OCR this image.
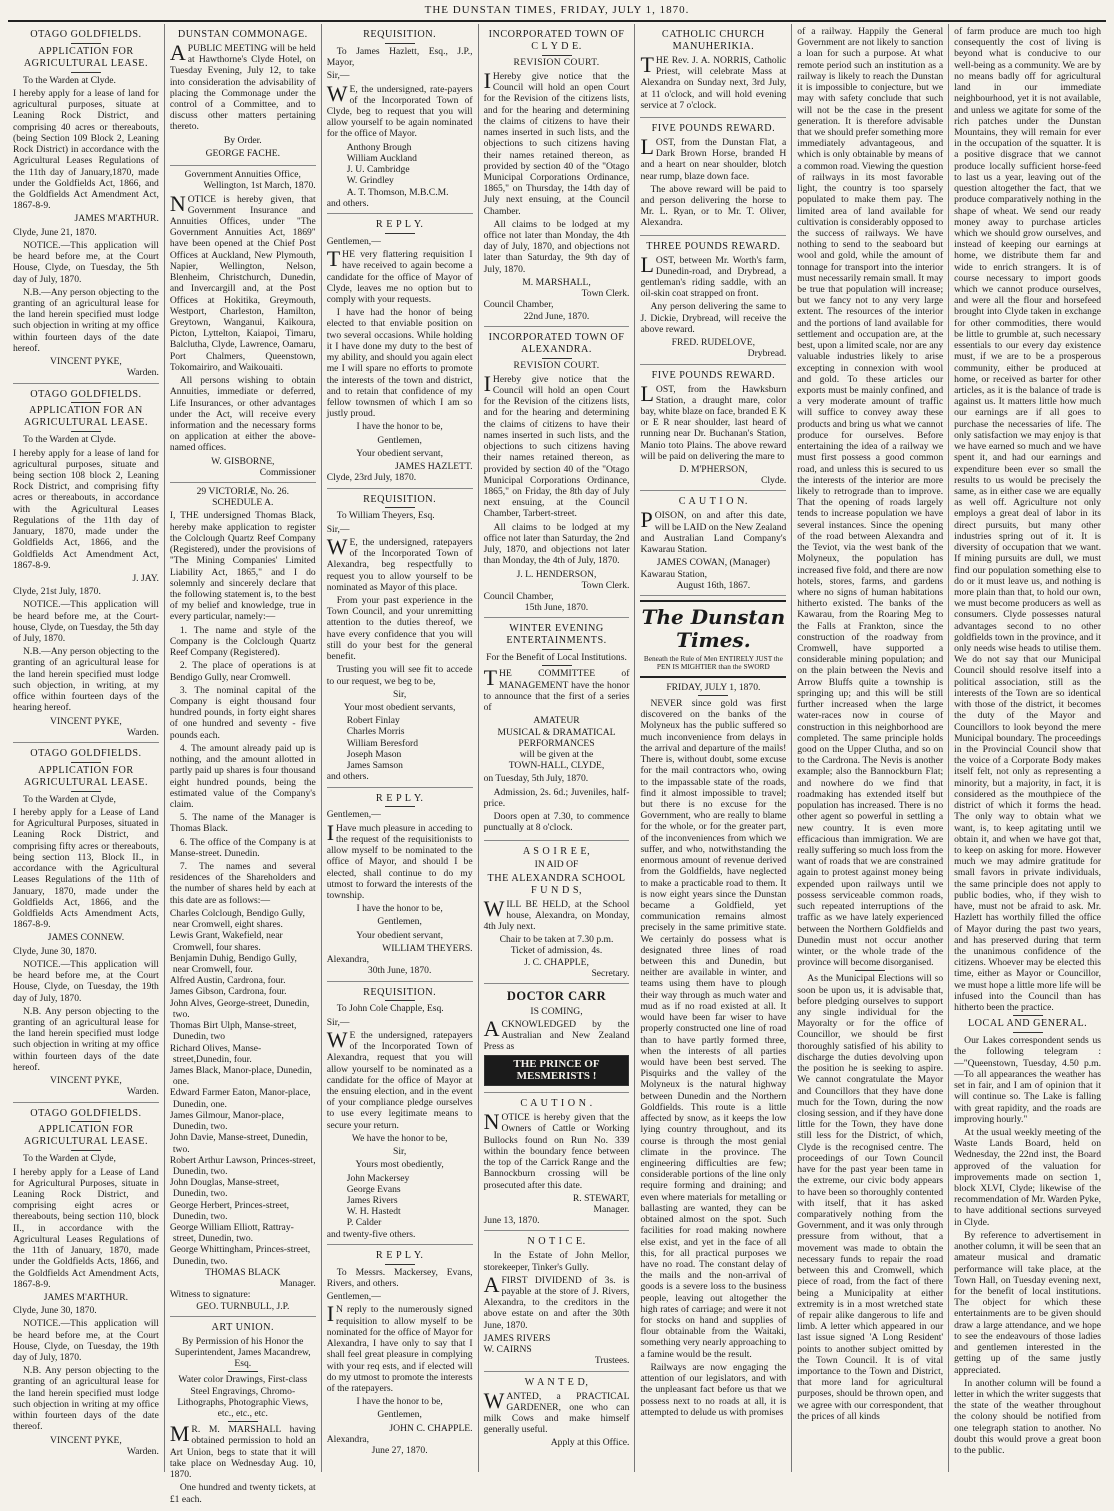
THE DUNSTAN TIMES, FRIDAY, JULY 1, 1870.
OTAGO GOLDFIELDS.
APPLICATION FOR AGRICULTURAL LEASE.

To the Warden at Clyde.

I hereby apply for a lease of land for agricultural purposes, situate at Leaning Rock District, and comprising 40 acres or thereabouts, (being Section 109 Block 2, Leaning Rock District) in accordance with the Agricultural Leases Regulations of the 11th day of January,1870, made under the Goldfields Act, 1866, and the Goldfields Act Amendment Act, 1867-8-9.

JAMES M'ARTHUR.

Clyde, June 21, 1870.

NOTICE.—This application will be heard before me, at the Court House, Clyde, on Tuesday, the 5th day of July, 1870.

N.B.—Any person objecting to the granting of an agricultural lease for the land herein specified must lodge such objection in writing at my office within fourteen days of the date hereof.

VINCENT PYKE,
Warden.
OTAGO GOLDFIELDS.
APPLICATION FOR AN AGRICULTURAL LEASE.

To the Warden at Clyde.

I hereby apply for a lease of land for agricultural purposes, situate and being section 108 block 2, Leaning Rock District, and comprising fifty acres or thereabouts, in accordance with the Agricultural Leases Regulations of the 11th day of January, 1870, made under the Goldfields Act, 1866, and the Goldfields Act Amendment Act, 1867-8-9.

J. JAY.

Clyde, 21st July, 1870.

NOTICE.—This application will be heard before me, at the Court-house, Clyde, on Tuesday, the 5th day of July, 1870.

N.B.—Any person objecting to the granting of an agricultural lease for the land herein specified must lodge such objection, in writing, at my office within fourteen days of the hearing hereof.

VINCENT PYKE,
Warden.
OTAGO GOLDFIELDS.
APPLICATION FOR AGRICULTURAL LEASE.

To the Warden at Clyde,

I hereby apply for a Lease of Land for Agricultural Purposes, situated in Leaning Rock District, and comprising fifty acres or thereabouts, being section 113, Block II., in accordance with the Agricultural Leases Regulations of the 11th of January, 1870, made under the Goldfields Act, 1866, and the Goldfields Acts Amendment Acts, 1867-8-9.

JAMES CONNEW.

Clyde, June 30, 1870.

NOTICE.—This application will be heard before me, at the Court House, Clyde, on Tuesday, the 19th day of July, 1870.

N.B. Any person objecting to the granting of an agricultural lease for the land herein specified must lodge such objection in writing at my office within fourteen days of the date hereof.

VINCENT PYKE,
Warden.
OTAGO GOLDFIELDS.
APPLICATION FOR AGRICULTURAL LEASE.

To the Warden at Clyde,

I hereby apply for a Lease of Land for Agricultural Purposes, situate in Leaning Rock District, and comprising eight acres or thereabouts, being section 110, block II., in accordance with the Agricultural Leases Regulations of the 11th of January, 1870, made under the Goldfields Acts, 1866, and the Goldfields Act Amendment Acts, 1867-8-9.

JAMES M'ARTHUR.

Clyde, June 30, 1870.

NOTICE.—This application will be heard before me, at the Court House, Clyde, on Tuesday, the 19th day of July, 1870.

N.B. Any person objecting to the granting of an agricultural lease for the land herein specified must lodge such objection in writing at my office within fourteen days of the date thereof.

VINCENT PYKE,
Warden.
DUNSTAN COMMONAGE.

APUBLIC MEETING will be held at Hawthorne's Clyde Hotel, on Tuesday Evening, July 12, to take into consideration the advisability of placing the Commonage under the control of a Committee, and to discuss other matters pertaining thereto.

By Order.
GEORGE FACHE.
Government Annuities Office,
Wellington, 1st March, 1870.

NOTICE is hereby given, that Government Insurance and Annuities Offices, under "The Government Annuities Act, 1869" have been opened at the Chief Post Offices at Auckland, New Plymouth, Napier, Wellington, Nelson, Blenheim, Christchurch, Dunedin, and Invercargill and, at the Post Offices at Hokitika, Greymouth, Westport, Charleston, Hamilton, Greytown, Wanganui, Kaikoura, Picton, Lyttelton, Kaiapoi, Timaru, Balclutha, Clyde, Lawrence, Oamaru, Port Chalmers, Queenstown, Tokomairiro, and Waikouaiti.

All persons wishing to obtain Annuities, immediate or deferred, Life Insurances, or other advantages under the Act, will receive every information and the necessary forms on application at either the above-named offices.

W. GISBORNE,
Commissioner
29 VICTORIÆ, No. 26.
SCHEDULE A.

I, THE undersigned Thomas Black, hereby make application to register the Colclough Quartz Reef Company (Registered), under the provisions of "The Mining Companies' Limited Liability Act, 1865," and I do solemnly and sincerely declare that the following statement is, to the best of my belief and knowledge, true in every particular, namely:—

1. The name and style of the Company is the Colclough Quartz Reef Company (Registered).

2. The place of operations is at Bendigo Gully, near Cromwell.

3. The nominal capital of the Company is eight thousand four hundred pounds, in forty eight shares of one hundred and seventy - five pounds each.

4. The amount already paid up is nothing, and the amount allotted in partly paid up shares is four thousand eight hundred pounds, being the estimated value of the Company's claim.

5. The name of the Manager is Thomas Black.

6. The office of the Company is at Manse-street. Dunedin.

7. The names and several residences of the Shareholders and the number of shares held by each at this date are as follows:—

Charles Colclough, Bendigo Gully, near Cromwell, eight shares.
Lewis Grant, Wakefield, near Cromwell, four shares.
Benjamin Duhig, Bendigo Gully, near Cromwell, four.
Alfred Austin, Cardrona, four.
James Gibson, Cardrona, four.
John Alves, George-street, Dunedin, two.
Thomas Birt Ulph, Manse-street, Dunedin, two
Richard Olives, Manse-street,Dunedin, four.
James Black, Manor-place, Dunedin, one.
Edward Farmer Eaton, Manor-place, Dunedin, one.
James Gilmour, Manor-place, Dunedin, two.
John Davie, Manse-street, Dunedin, two.
Robert Arthur Lawson, Princes-street, Dunedin, two.
John Douglas, Manse-street, Dunedin, two.
George Herbert, Princes-street, Dunedin, two.
George William Elliott, Rattray-street, Dunedin, two.
George Whittingham, Princes-street, Dunedin, two.
THOMAS BLACK
Manager.
Witness to signature:
GEO. TURNBULL, J.P.
ART UNION.
By Permission of his Honor the Superintendent, James Macandrew, Esq.
Water color Drawings, First-class Steel Engravings, Chromo-Lithographs, Photographic Views, etc., etc., etc.

MR. M. MARSHALL having obtained permission to hold an Art Union, begs to state that it will take place on Wednesday Aug. 10, 1870.

One hundred and twenty tickets, at £1 each.

REQUISITION.

To James Hazlett, Esq., J.P., Mayor,

Sir,—

WE, the undersigned, rate-payers of the Incorporated Town of Clyde, beg to request that you will allow yourself to be again nominated for the office of Mayor.

Anthony Brough
William Auckland
J. U. Cambridge
W. Grindley
A. T. Thomson, M.B.C.M.
and others.
R E P L Y.

Gentlemen,—

THE very flattering requisition I have received to again become a candidate for the office of Mayor of Clyde, leaves me no option but to comply with your requests.

I have had the honor of being elected to that enviable position on two several occasions. While holding it I have done my duty to the best of my ability, and should you again elect me I will spare no efforts to promote the interests of the town and district, and to retain that confidence of my fellow townsmen of which I am so justly proud.

I have the honor to be,
Gentlemen,
Your obedient servant,
JAMES HAZLETT.
Clyde, 23rd July, 1870.
REQUISITION.

To William Theyers, Esq.

Sir,—

WE, the undersigned, ratepayers of the Incorporated Town of Alexandra, beg respectfully to request you to allow yourself to be nominated as Mayor of this place.

From your past experience in the Town Council, and your unremitting attention to the duties thereof, we have every confidence that you will still do your best for the general benefit.

Trusting you will see fit to accede to our request, we beg to be,

Sir,
Your most obedient servants,
Robert Finlay
Charles Morris
William Beresford
Joseph Mason
James Samson
and others.
R E P L Y.

Gentlemen,—

IHave much pleasure in acceding to the request of the requisitionists to allow myself to be nominated to the office of Mayor, and should I be elected, shall continue to do my utmost to forward the interests of the township.

I have the honor to be,
Gentlemen,
Your obedient servant,
WILLIAM THEYERS.
Alexandra,
30th June, 1870.
REQUISITION.

To John Cole Chapple, Esq.

Sir,—

WE the undersigned, ratepayers of the Incorporated Town of Alexandra, request that you will allow yourself to be nominated as a candidate for the office of Mayor at the ensuing election, and in the event of your compliance pledge ourselves to use every legitimate means to secure your return.

We have the honor to be,
Sir,
Yours most obediently,
John Mackersey
George Evans
James Rivers
W. H. Hastedt
P. Calder
and twenty-five others.
R E P L Y.

To Messrs. Mackersey, Evans, Rivers, and others.

Gentlemen,—

IN reply to the numerously signed requisition to allow myself to be nominated for the office of Mayor for Alexandra, I have only to say that I shall feel great pleasure in complying with your req ests, and if elected will do my utmost to promote the interests of the ratepayers.

I have the honor to be,
Gentlemen,
JOHN C. CHAPPLE.
Alexandra,
June 27, 1870.
INCORPORATED TOWN OF C L Y D E.
REVISION COURT.

IHereby give notice that the Council will hold an open Court for the Revision of the citizens lists, and for the hearing and determining the claims of citizens to have their names inserted in such lists, and the objections to such citizens having their names retained thereon, as provided by section 40 of the "Otago Municipal Corporations Ordinance, 1865," on Thursday, the 14th day of July next ensuing, at the Council Chamber.

All claims to be lodged at my office not later than Monday, the 4th day of July, 1870, and objections not later than Saturday, the 9th day of July, 1870.

M. MARSHALL,
Town Clerk.
Council Chamber,
22nd June, 1870.
INCORPORATED TOWN OF ALEXANDRA.
REVISION COURT.

IHereby give notice that the Council will hold an open Court for the Revision of the citizens lists, and for the hearing and determining the claims of citizens to have their names inserted in such lists, and the objections to such citizens having their names retained thereon, as provided by section 40 of the "Otago Municipal Corporations Ordinance, 1865," on Friday, the 8th day of July next ensuing, at the Council Chamber, Tarbert-street.

All claims to be lodged at my office not later than Saturday, the 2nd July, 1870, and objections not later than Monday, the 4th of July, 1870.

J. L. HENDERSON,
Town Clerk.
Council Chamber,
15th June, 1870.
WINTER EVENING ENTERTAINMENTS.
For the Benefit of Local Institutions.

THE COMMITTEE of MANAGEMENT have the honor to announce that the first of a series of

AMATEUR
MUSICAL & DRAMATICAL
PERFORMANCES
will be given at the
TOWN-HALL, CLYDE,

on Tuesday, 5th July, 1870.

Admission, 2s. 6d.; Juveniles, half-price.

Doors open at 7.30, to commence punctually at 8 o'clock.

A S O I R E E,
IN AID OF
THE ALEXANDRA SCHOOL F U N D S,

WILL BE HELD, at the School house, Alexandra, on Monday, 4th July next.

Chair to be taken at 7.30 p.m.
Ticket of admission, 4s.
J. C. CHAPPLE,
Secretary.
DOCTOR CARR
IS COMING,

ACKNOWLEDGED by the Australian and New Zealand Press as

THE PRINCE OF MESMERISTS !
C A U T I O N .

NOTICE is hereby given that the Owners of Cattle or Working Bullocks found on Run No. 339 within the boundary fence between the top of the Carrick Range and the Bannockburn crossing will be prosecuted after this date.

R. STEWART,
Manager.
June 13, 1870.
N O T I C E.

In the Estate of John Mellor, storekeeper, Tinker's Gully.

AFIRST DIVIDEND of 3s. is payable at the store of J. Rivers, Alexandra, to the creditors in the above estate on and after the 30th June, 1870.

JAMES RIVERS
W. CAIRNS
Trustees.
W A N T E D,

WANTED, a PRACTICAL GARDENER, one who can milk Cows and make himself generally useful.

Apply at this Office.
CATHOLIC CHURCH MANUHERIKIA.

THE Rev. J. A. NORRIS, Catholic Priest, will celebrate Mass at Alexandra on Sunday next, 3rd July, at 11 o'clock, and will hold evening service at 7 o'clock.

FIVE POUNDS REWARD.

LOST, from the Dunstan Flat, a Dark Brown Horse, branded H and a heart on near shoulder, blotch near rump, blaze down face.

The above reward will be paid to and person delivering the horse to Mr. L. Ryan, or to Mr. T. Oliver, Alexandra.

THREE POUNDS REWARD.

LOST, between Mr. Worth's farm, Dunedin-road, and Drybread, a gentleman's riding saddle, with an oil-skin coat strapped on front.

Any person delivering the same to J. Dickie, Drybread, will receive the above reward.

FRED. RUDELOVE,
Drybread.
FIVE POUNDS REWARD.

LOST, from the Hawksburn Station, a draught mare, color bay, white blaze on face, branded E K or E R near shoulder, last heard of running near Dr. Buchanan's Station, Manio toto Plains. The above reward will be paid on delivering the mare to

D. M'PHERSON,
Clyde.
C A U T I O N.

POISON, on and after this date, will be LAID on the New Zealand and Australian Land Company's Kawarau Station.

JAMES COWAN, (Manager)
Kawarau Station,
August 16th, 1867.
The Dunstan Times.
Beneath the Rule of Men ENTIRELY JUST the PEN IS MIGHTIER than the SWORD
FRIDAY, JULY 1, 1870.

NEVER since gold was first discovered on the banks of the Molyneux has the public suffered so much inconvenience from delays in the arrival and departure of the mails! There is, without doubt, some excuse for the mail contractors who, owing to the impassable state of the roads, find it almost impossible to travel; but there is no excuse for the Government, who are really to blame for the whole, or for the greater part, of the inconveniences from which we suffer, and who, notwithstanding the enormous amount of revenue derived from the Goldfields, have neglected to make a practicable road to them. It is now eight years since the Dunstan became a Goldfield, yet communication remains almost precisely in the same primitive state. We certainly do possess what is designated three lines of road between this and Dunedin, but neither are available in winter, and teams using them have to plough their way through as much water and mud as if no road existed at all. It would have been far wiser to have properly constructed one line of road than to have partly formed three, when the interests of all parties would have been best served. The Pisquirks and the valley of the Molyneux is the natural highway between Dunedin and the Northern Goldfields. This route is a little affected by snow, as it keeps the low lying country throughout, and its course is through the most genial climate in the province. The engineering difficulties are few; considerable portions of the line only require forming and draining; and even where materials for metalling or ballasting are wanted, they can be obtained almost on the spot. Such facilities for road making nowhere else exist, and yet in the face of all this, for all practical purposes we have no road. The constant delay of the mails and the non-arrival of goods is a severe loss to the business people, leaving out altogether the high rates of carriage; and were it not for stocks on hand and supplies of flour obtainable from the Waitaki, something very nearly approaching to a famine would be the result.

Railways are now engaging the attention of our legislators, and with the unpleasant fact before us that we possess next to no roads at all, it is attempted to delude us with promises

of a railway. Happily the General Government are not likely to sanction a loan for such a purpose. At what remote period such an institution as a railway is likely to reach the Dunstan it is impossible to conjecture, but we may with safety conclude that such will not be the case in the present generation. It is therefore advisable that we should prefer something more immediately advantageous, and which is only obtainable by means of a common road. Viewing the question of railways in its most favorable light, the country is too sparsely populated to make them pay. The limited area of land available for cultivation is considerably opposed to the success of railways. We have nothing to send to the seaboard but wool and gold, while the amount of tonnage for transport into the interior must necessarily remain small. It may be true that population will increase; but we fancy not to any very large extent. The resources of the interior and the portions of land available for settlement and occupation are, at the best, upon a limited scale, nor are any valuable industries likely to arise excepting in connexion with wool and gold. To these articles our exports must be mainly confined, and a very moderate amount of traffic will suffice to convey away these products and bring us what we cannot produce for ourselves. Before entertaining the idea of a railway we must first possess a good common road, and unless this is secured to us the interests of the interior are more likely to retrograde than to improve. That the opening of roads largely tends to increase population we have several instances. Since the opening of the road between Alexandra and the Teviot, via the west bank of the Molyneux, the population has increased five fold, and there are now hotels, stores, farms, and gardens where no signs of human habitations hitherto existed. The banks of the Kawarau, from the Roaring Meg to the Falls at Frankton, since the construction of the roadway from Cromwell, have supported a considerable mining population; and on the plain between the Nevis and Arrow Bluffs quite a township is springing up; and this will be still further increased when the large water-races now in course of construction in this neighborhood are completed. The same principle holds good on the Upper Clutha, and so on to the Cardrona. The Nevis is another example; also the Bannockburn Flat; and nowhere do we find that roadmaking has extended itself but population has increased. There is no other agent so powerful in settling a new country. It is even more efficacious than immigration. We are really suffering so much loss from the want of roads that we are constrained again to protest against money being expended upon railways until we possess serviceable common roads, such repeated interruptions of the traffic as we have lately experienced between the Northern Goldfields and Dunedin must not occur another winter, or the whole trade of the province will become disorganised.

As the Municipal Elections will so soon be upon us, it is advisable that, before pledging ourselves to support any single individual for the Mayoralty or for the office of Councillor, we should be first thoroughly satisfied of his ability to discharge the duties devolving upon the position he is seeking to aspire. We cannot congratulate the Mayor and Councillors that they have done much for the Town, during the now closing session, and if they have done little for the Town, they have done still less for the District, of which, Clyde is the recognised centre. The proceedings of our Town Council have for the past year been tame in the extreme, our civic body appears to have been so thoroughly contented with itself, that it has asked comparatively nothing from the Government, and it was only through pressure from without, that a movement was made to obtain the necessary funds to repair the road between this and Cromwell, which piece of road, from the fact of there being a Municipality at either extremity is in a most wretched state of repair alike dangerous to life and limb. A letter which appeared in our last issue signed 'A Long Resident' points to another subject omitted by the Town Council. It is of vital importance to the Town and District, that more land for agricultural purposes, should be thrown open, and we agree with our correspondent, that the prices of all kinds

of farm produce are much too high consequently the cost of living is beyond what is conducive to our well-being as a community. We are by no means badly off for agricultural land in our immediate neighbourhood, yet it is not available, and unless we agitate for some of the rich patches under the Dunstan Mountains, they will remain for ever in the occupation of the squatter. It is a positive disgrace that we cannot produce locally sufficient horse-feed to last us a year, leaving out of the question altogether the fact, that we produce comparatively nothing in the shape of wheat. We send our ready money away to purchase articles which we should grow ourselves, and instead of keeping our earnings at home, we distribute them far and wide to enrich strangers. It is of course necessary to import goods which we cannot produce ourselves, and were all the flour and horsefeed brought into Clyde taken in exchange for other commodities, there would be little to grumble at, such necessary essentials to our every day existence must, if we are to be a prosperous community, either be produced at home, or received as barter for other articles, as it is the balance of trade is against us. It matters little how much our earnings are if all goes to purchase the necessaries of life. The only satisfaction we may enjoy is that we have earned so much and we have spent it, and had our earnings and expenditure been ever so small the results to us would be precisely the same, as in either case we are equally as well off. Agriculture not only employs a great deal of labor in its direct pursuits, but many other industries spring out of it. It is diversity of occupation that we want. If mining pursuits are dull, we must find our population something else to do or it must leave us, and nothing is more plain than that, to hold our own, we must become producers as well as consumers. Clyde possesses natural advantages second to no other goldfields town in the province, and it only needs wise heads to utilise them. We do not say that our Municipal Council should resolve itself into a political association, still as the interests of the Town are so identical with those of the district, it becomes the duty of the Mayor and Councillors to look beyond the mere Municipal boundary. The proceedings in the Provincial Council show that the voice of a Corporate Body makes itself felt, not only as representing a minority, but a majority, in fact, it is considered as the mouthpiece of the district of which it forms the head. The only way to obtain what we want, is, to keep agitating until we obtain it, and when we have got that, to keep on asking for more. However much we may admire gratitude for small favors in private individuals, the same principle does not apply to public bodies, who, if they wish to have, must not be afraid to ask. Mr. Hazlett has worthily filled the office of Mayor during the past two years, and has preserved during that term the unanimous confidence of the citizens. Whoever may be elected this time, either as Mayor or Councillor, we must hope a little more life will be infused into the Council than has hitherto been the practice.

LOCAL AND GENERAL.

Our Lakes correspondent sends us the following telegram :—"Queenstown, Tuesday, 4.50 p.m.—To all appearances the weather has set in fair, and I am of opinion that it will continue so. The Lake is falling with great rapidity, and the roads are improving hourly."

At the usual weekly meeting of the Waste Lands Board, held on Wednesday, the 22nd inst, the Board approved of the valuation for improvements made on section 1, block XLVI, Clyde; likewise of the recommendation of Mr. Warden Pyke, to have additional sections surveyed in Clyde.

By reference to advertisement in another column, it will be seen that an amateur musical and dramatic performance will take place, at the Town Hall, on Tuesday evening next, for the benefit of local institutions. The object for which these entertainments are to be given should draw a large attendance, and we hope to see the endeavours of those ladies and gentlemen interested in the getting up of the same justly appreciated.

In another column will be found a letter in which the writer suggests that the state of the weather throughout the colony should be notified from one telegraph station to another. No doubt this would prove a great boon to the public.
